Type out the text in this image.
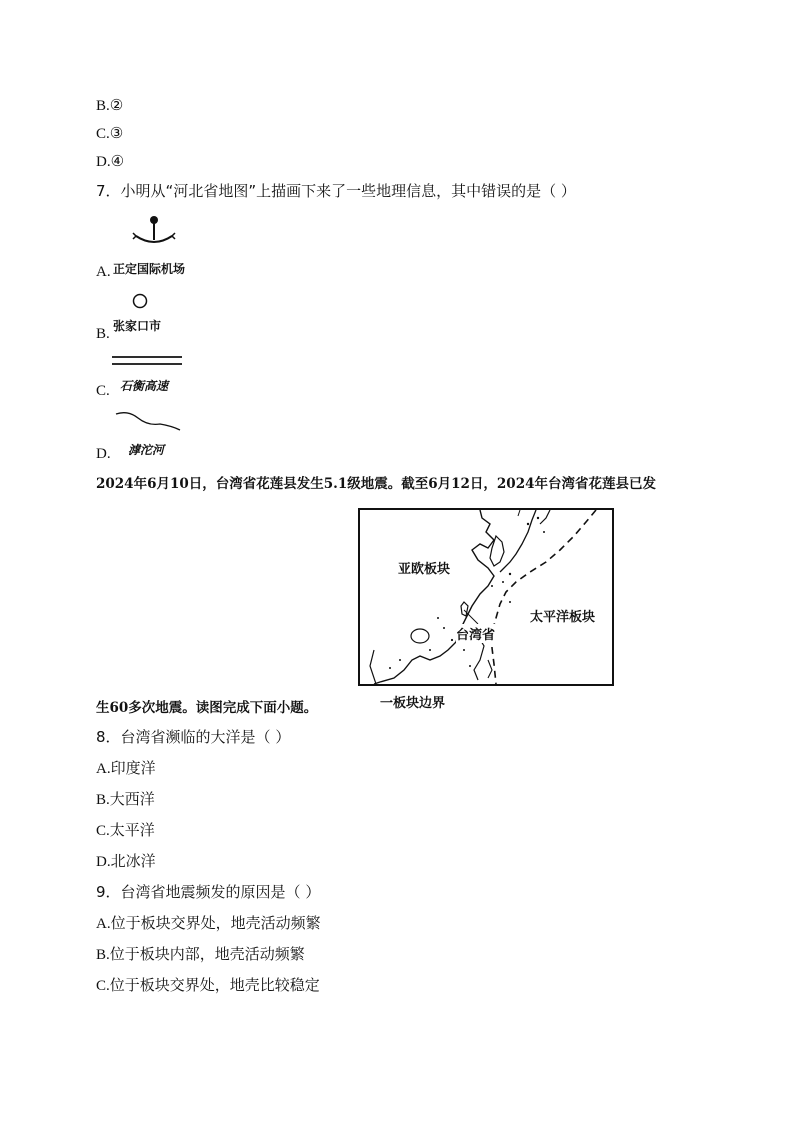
B.②
C.③
D.④
7．小明从“河北省地图”上描画下来了一些地理信息，其中错误的是（ ）
A. 正定国际机场
B. 张家口市
C. 石衡高速
D. 滹沱河
2024年6月10日，台湾省花莲县发生5.1级地震。截至6月12日，2024年台湾省花莲县已发
亚欧板块
太平洋板块
台湾省
生60多次地震。读图完成下面小题。	一板块边界
8．台湾省濒临的大洋是（ ）
A.印度洋
B.大西洋
C.太平洋
D.北冰洋
9．台湾省地震频发的原因是（ ）
A.位于板块交界处，地壳活动频繁
B.位于板块内部，地壳活动频繁
C.位于板块交界处，地壳比较稳定
